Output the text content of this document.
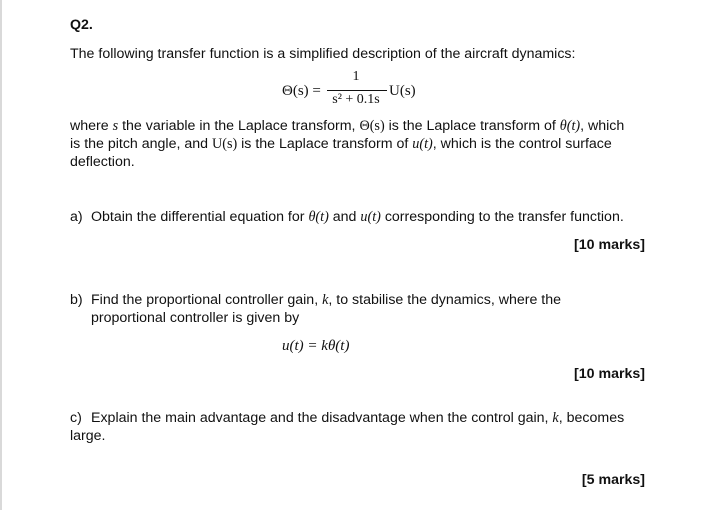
Q2.
The following transfer function is a simplified description of the aircraft dynamics:
Θ(s) =
1
s² + 0.1s
U(s)
where s the variable in the Laplace transform, Θ(s) is the Laplace transform of θ(t), which
is the pitch angle, and U(s) is the Laplace transform of u(t), which is the control surface
deflection.
a) Obtain the differential equation for θ(t) and u(t) corresponding to the transfer function.
[10 marks]
b) Find the proportional controller gain, k, to stabilise the dynamics, where the
proportional controller is given by
u(t) = kθ(t)
[10 marks]
c) Explain the main advantage and the disadvantage when the control gain, k, becomes
large.
[5 marks]
